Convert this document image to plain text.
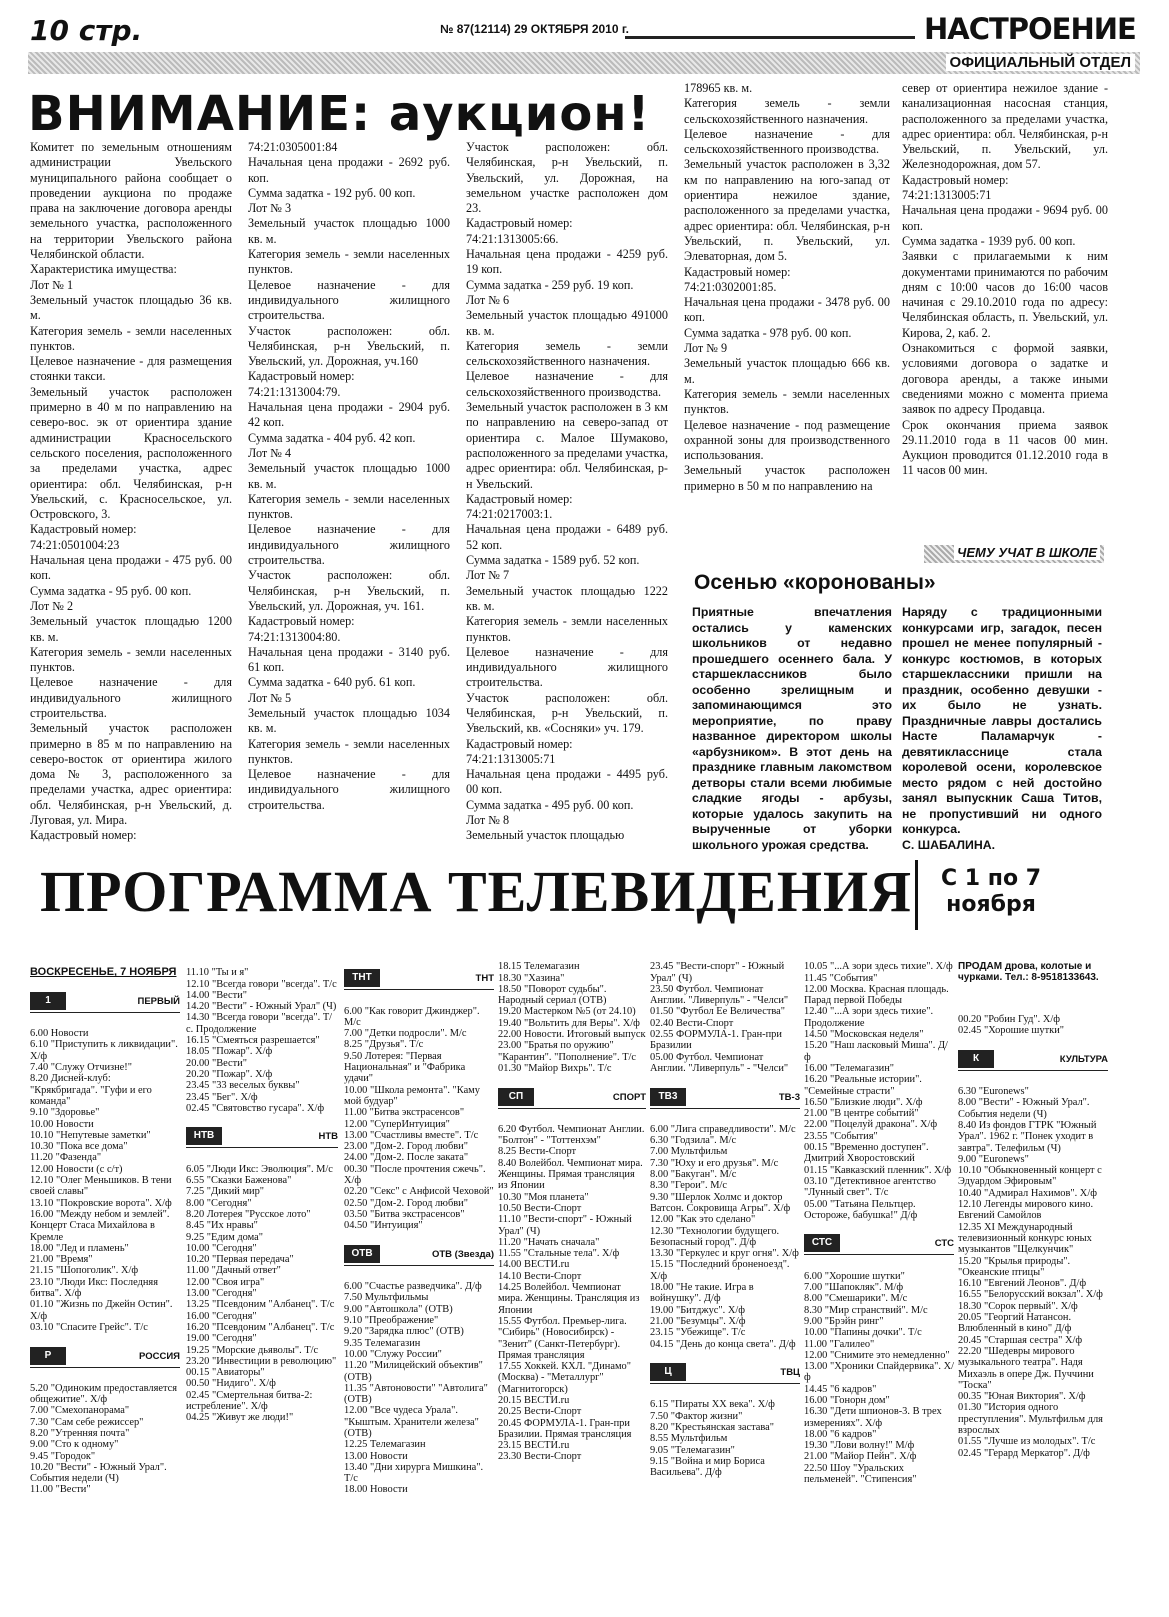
10 стр.	№ 87(12114) 29 ОКТЯБРЯ 2010 г.	НАСТРОЕНИЕ
ОФИЦИАЛЬНЫЙ ОТДЕЛ
ВНИМАНИЕ: аукцион!
Комитет по земельным отношениям администрации Увельского муниципального района сообщает о проведении аукциона по продаже права на заключение договора аренды земельного участка, расположенного на территории Увельского района Челябинской области.
Характеристика имущества:
Лот № 1
Земельный участок площадью 36 кв. м.
Категория земель - земли населенных пунктов.
Целевое назначение - для размещения стоянки такси.
Земельный участок расположен примерно в 40 м по направлению на северо-вос. эк от ориентира здание администрации Красносельского сельского поселения, расположенного за пределами участка, адрес ориентира: обл. Челябинская, р-н Увельский, с. Красносельское, ул. Островского, 3.
Кадастровый номер:
74:21:0501004:23
Начальная цена продажи - 475 руб. 00 коп.
Сумма задатка - 95 руб. 00 коп.
Лот № 2
Земельный участок площадью 1200 кв. м.
Категория земель - земли населенных пунктов.
Целевое назначение - для индивидуального жилищного строительства.
Земельный участок расположен примерно в 85 м по направлению на северо-восток от ориентира жилого дома № 3, расположенного за пределами участка, адрес ориентира: обл. Челябинская, р-н Увельский, д. Луговая, ул. Мира.
Кадастровый номер:
74:21:0305001:84
Начальная цена продажи - 2692 руб. коп.
Сумма задатка - 192 руб. 00 коп.
Лот № 3
Земельный участок площадью 1000 кв. м.
Категория земель - земли населенных пунктов.
Целевое назначение - для индивидуального жилищного строительства.
Участок расположен: обл. Челябинская, р-н Увельский, п. Увельский, ул. Дорожная, уч.160
Кадастровый номер:
74:21:1313004:79.
Начальная цена продажи - 2904 руб. 42 коп.
Сумма задатка - 404 руб. 42 коп.
Лот № 4
Земельный участок площадью 1000 кв. м.
Категория земель - земли населенных пунктов.
Целевое назначение - для индивидуального жилищного строительства.
Участок расположен: обл. Челябинская, р-н Увельский, п. Увельский, ул. Дорожная, уч. 161.
Кадастровый номер:
74:21:1313004:80.
Начальная цена продажи - 3140 руб. 61 коп.
Сумма задатка - 640 руб. 61 коп.
Лот № 5
Земельный участок площадью 1034 кв. м.
Категория земель - земли населенных пунктов.
Целевое назначение - для индивидуального жилищного строительства.
Участок расположен: обл. Челябинская, р-н Увельский, п. Увельский, ул. Дорожная, на земельном участке расположен дом 23.
Кадастровый номер:
74:21:1313005:66.
Начальная цена продажи - 4259 руб. 19 коп.
Сумма задатка - 259 руб. 19 коп.
Лот № 6
Земельный участок площадью 491000 кв. м.
Категория земель - земли сельскохозяйственного назначения.
Целевое назначение - для сельскохозяйственного производства.
Земельный участок расположен в 3 км по направлению на северо-запад от ориентира с. Малое Шумаково, расположенного за пределами участка, адрес ориентира: обл. Челябинская, р-н Увельский.
Кадастровый номер:
74:21:0217003:1.
Начальная цена продажи - 6489 руб. 52 коп.
Сумма задатка - 1589 руб. 52 коп.
Лот № 7
Земельный участок площадью 1222 кв. м.
Категория земель - земли населенных пунктов.
Целевое назначение - для индивидуального жилищного строительства.
Участок расположен: обл. Челябинская, р-н Увельский, п. Увельский, кв. «Сосняки» уч. 179.
Кадастровый номер:
74:21:1313005:71
Начальная цена продажи - 4495 руб. 00 коп.
Сумма задатка - 495 руб. 00 коп.
Лот № 8
Земельный участок площадью
178965 кв. м.
Категория земель - земли сельскохозяйственного назначения.
Целевое назначение - для сельскохозяйственного производства.
Земельный участок расположен в 3,32 км по направлению на юго-запад от ориентира нежилое здание, расположенного за пределами участка, адрес ориентира: обл. Челябинская, р-н Увельский, п. Увельский, ул. Элеваторная, дом 5.
Кадастровый номер:
74:21:0302001:85.
Начальная цена продажи - 3478 руб. 00 коп.
Сумма задатка - 978 руб. 00 коп.
Лот № 9
Земельный участок площадью 666 кв. м.
Категория земель - земли населенных пунктов.
Целевое назначение - под размещение охранной зоны для производственного использования.
Земельный участок расположен примерно в 50 м по направлению на
север от ориентира нежилое здание - канализационная насосная станция, расположенного за пределами участка, адрес ориентира: обл. Челябинская, р-н Увельский, п. Увельский, ул. Железнодорожная, дом 57.
Кадастровый номер:
74:21:1313005:71
Начальная цена продажи - 9694 руб. 00 коп.
Сумма задатка - 1939 руб. 00 коп.
Заявки с прилагаемыми к ним документами принимаются по рабочим дням с 10:00 часов до 16:00 часов начиная с 29.10.2010 года по адресу: Челябинская область, п. Увельский, ул. Кирова, 2, каб. 2.
Ознакомиться с формой заявки, условиями договора о задатке и договора аренды, а также иными сведениями можно с момента приема заявок по адресу Продавца.
Срок окончания приема заявок 29.11.2010 года в 11 часов 00 мин. Аукцион проводится 01.12.2010 года в 11 часов 00 мин.
ЧЕМУ УЧАТ В ШКОЛЕ
Осенью «коронованы»
Приятные впечатления остались у каменских школьников от недавно прошедшего осеннего бала. У старшеклассников было особенно зрелищным и запоминающимся это мероприятие, по праву названное директором школы «арбузником». В этот день на празднике главным лакомством детворы стали всеми любимые сладкие ягоды - арбузы, которые удалось закупить на вырученные от уборки школьного урожая средства.
Наряду с традиционными конкурсами игр, загадок, песен прошел не менее популярный - конкурс костюмов, в которых старшеклассники пришли на праздник, особенно девушки - их было не узнать. Праздничные лавры достались Насте Паламарчук - девятикласснице стала королевой осени, королевское место рядом с ней достойно занял выпускник Саша Титов, не пропустивший ни одного конкурса.
С. ШАБАЛИНА.
ПРОГРАММА ТЕЛЕВИДЕНИЯ С 1 по 7 ноября

ВОСКРЕСЕНЬЕ, 7 НОЯБРЯ

1	ПЕРВЫЙ

6.00 Новости
6.10 "Приступить к ликвидации". Х/ф
7.40 "Служу Отчизне!"
8.20 Дисней-клуб: "Крякбригада". "Гуфи и его команда"
9.10 "Здоровье"
10.00 Новости
10.10 "Непутевые заметки"
10.30 "Пока все дома"
11.20 "Фазенда"
12.00 Новости (с с/т)
12.10 "Олег Меньшиков. В тени своей славы"
13.10 "Покровские ворота". Х/ф
16.00 "Между небом и землей". Концерт Стаса Михайлова в Кремле
18.00 "Лед и пламень"
21.00 "Время"
21.15 "Шопоголик". Х/ф
23.10 "Люди Икс: Последняя битва". Х/ф
01.10 "Жизнь по Джейн Остин". Х/ф
03.10 "Спасите Грейс". Т/с

Р	РОССИЯ

5.20 "Одиноким предоставляется общежитие". Х/ф
7.00 "Смехопанорама"
7.30 "Сам себе режиссер"
8.20 "Утренняя почта"
9.00 "Сто к одному"
9.45 "Городок"
10.20 "Вести" - Южный Урал". События недели (Ч)
11.00 "Вести"

11.10 "Ты и я"
12.10 "Всегда говори "всегда". Т/с
14.00 "Вести"
14.20 "Вести" - Южный Урал" (Ч)
14.30 "Всегда говори "всегда". Т/с. Продолжение
16.15 "Смеяться разрешается"
18.05 "Пожар". Х/ф
20.00 "Вести"
20.20 "Пожар". Х/ф
23.45 "33 веселых буквы"
23.45 "Бег". Х/ф
02.45 "Святовство гусара". Х/ф

НТВ	НТВ

6.05 "Люди Икс: Эволюция". М/с
6.55 "Сказки Баженова"
7.25 "Дикий мир"
8.00 "Сегодня"
8.20 Лотерея "Русское лото"
8.45 "Их нравы"
9.25 "Едим дома"
10.00 "Сегодня"
10.20 "Первая передача"
11.00 "Дачный ответ"
12.00 "Своя игра"
13.00 "Сегодня"
13.25 "Псевдоним "Албанец". Т/с
16.00 "Сегодня"
16.20 "Псевдоним "Албанец". Т/с
19.00 "Сегодня"
19.25 "Морские дьяволы". Т/с
23.20 "Инвестиции в революцию"
00.15 "Авиаторы"
00.50 "Нидиго". Х/ф
02.45 "Смертельная битва-2: истребление". Х/ф
04.25 "Живут же люди!"

ТНТ	ТНТ

6.00 "Как говорит Джинджер". М/с
7.00 "Детки подросли". М/с
8.25 "Друзья". Т/с
9.50 Лотерея: "Первая Национальная" и "Фабрика удачи"
10.00 "Школа ремонта". "Каму мой будуар"
11.00 "Битва экстрасенсов"
12.00 "СуперИнтуиция"
13.00 "Счастливы вместе". Т/с
23.00 "Дом-2. Город любви"
24.00 "Дом-2. После заката"
00.30 "После прочтения сжечь". Х/ф
02.20 "Секс" с Анфисой Чеховой"
02.50 "Дом-2. Город любви"
03.50 "Битва экстрасенсов"
04.50 "Интуиция"

ОТВ	ОТВ (Звезда)

6.00 "Счастье разведчика". Д/ф
7.50 Мультфильмы
9.00 "Автошкола" (ОТВ)
9.10 "Преображение"
9.20 "Зарядка плюс" (ОТВ)
9.35 Телемагазин
10.00 "Служу России"
11.20 "Милицейский объектив" (ОТВ)
11.35 "Автоновости" "Автолига" (ОТВ)
12.00 "Все чудеса Урала". "Кыштым. Хранители железа" (ОТВ)
12.25 Телемагазин
13.00 Новости
13.40 "Дни хирурга Мишкина". Т/с
18.00 Новости

18.15 Телемагазин
18.30 "Хазина"
18.50 "Поворот судьбы". Народный сериал (ОТВ)
19.20 Мастерком №5 (от 24.10)
19.40 "Вольтить для Веры". Х/ф
22.00 Новости. Итоговый выпуск
23.00 "Братья по оружию" "Карантин". "Пополнение". Т/с
01.30 "Майор Вихрь". Т/с

СП	СПОРТ

6.20 Футбол. Чемпионат Англии. "Болтон" - "Тоттенхэм"
8.25 Вести-Спорт
8.40 Волейбол. Чемпионат мира. Женщины. Прямая трансляция из Японии
10.30 "Моя планета"
10.50 Вести-Спорт
11.10 "Вести-спорт" - Южный Урал" (Ч)
11.20 "Начать сначала"
11.55 "Стальные тела". Х/ф
14.00 ВЕСТИ.ru
14.10 Вести-Спорт
14.25 Волейбол. Чемпионат мира. Женщины. Трансляция из Японии
15.55 Футбол. Премьер-лига. "Сибирь" (Новосибирск) - "Зенит" (Санкт-Петербург). Прямая трансляция
17.55 Хоккей. КХЛ. "Динамо" (Москва) - "Металлург" (Магнитогорск)
20.15 ВЕСТИ.ru
20.25 Вести-Спорт
20.45 ФОРМУЛА-1. Гран-при Бразилии. Прямая трансляция
23.15 ВЕСТИ.ru
23.30 Вести-Спорт

23.45 "Вести-спорт" - Южный Урал" (Ч)
23.50 Футбол. Чемпионат Англии. "Ливерпуль" - "Челси"
01.50 "Футбол Ее Величества"
02.40 Вести-Спорт
02.55 ФОРМУЛА-1. Гран-при Бразилии
05.00 Футбол. Чемпионат Англии. "Ливерпуль" - "Челси"

ТВ3	ТВ-3

6.00 "Лига справедливости". М/с
6.30 "Годзила". М/с
7.00 Мультфильм
7.30 "Юху и его друзья". М/с
8.00 "Бакуган". М/с
8.30 "Герои". М/с
9.30 "Шерлок Холмс и доктор Ватсон. Сокровища Агры". Х/ф
12.00 "Как это сделано"
12.30 "Технологии будущего. Безопасный город". Д/ф
13.30 "Геркулес и круг огня". Х/ф
15.15 "Последний броненоезд". Х/ф
18.00 "Не такие. Игра в войнушку". Д/ф
19.00 "Битджус". Х/ф
21.00 "Безумцы". Х/ф
23.15 "Убежище". Т/с
04.15 "День до конца света". Д/ф

Ц	ТВЦ

6.15 "Пираты XX века". Х/ф
7.50 "Фактор жизни"
8.20 "Крестьянская застава"
8.55 Мультфильм
9.05 "Телемагазин"
9.15 "Война и мир Бориса Васильева". Д/ф

10.05 "...А зори здесь тихие". Х/ф
11.45 "События"
12.00 Москва. Красная площадь. Парад первой Победы
12.40 "...А зори здесь тихие". Продолжение
14.50 "Московская неделя"
15.20 "Наш ласковый Миша". Д/ф
16.00 "Телемагазин"
16.20 "Реальные истории". "Семейные страсти"
16.50 "Близкие люди". Х/ф
21.00 "В центре событий"
22.00 "Поцелуй дракона". Х/ф
23.55 "События"
00.15 "Временно доступен". Дмитрий Хворостовский
01.15 "Кавказский пленник". Х/ф
03.10 "Детективное агентство "Лунный свет". Т/с
05.00 "Татьяна Пельтцер. Остороже, бабушка!" Д/ф

СТС	СТС

6.00 "Хорошие шутки"
7.00 "Шапокляк". М/ф
8.00 "Смешарики". М/с
8.30 "Мир странствий". М/с
9.00 "Брэйн ринг"
10.00 "Папины дочки". Т/с
11.00 "Галилео"
12.00 "Снимите это немедленно"
13.00 "Хроники Спайдервика". Х/ф
14.45 "6 кадров"
16.00 "Гонорн дом"
16.30 "Дети шпионов-3. В трех измерениях". Х/ф
18.00 "6 кадров"
19.30 "Лови волну!" М/ф
21.00 "Майор Пейн". Х/ф
22.50 Шоу "Уральских пельменей". "Стипенсия"

ПРОДАМ дрова, колотые и чурками. Тел.: 8-9518133643.

00.20 "Робин Гуд". Х/ф
02.45 "Хорошие шутки"

К	КУЛЬТУРА

6.30 "Euronews"
8.00 "Вести" - Южный Урал". События недели (Ч)
8.40 Из фондов ГТРК "Южный Урал". 1962 г. "Понек уходит в завтра". Телефильм (Ч)
9.00 "Euronews"
10.10 "Обыкновенный концерт с Эдуардом Эфировым"
10.40 "Адмирал Нахимов". Х/ф
12.10 Легенды мирового кино. Евгений Самойлов
12.35 XI Международный телевизионный конкурс юных музыкантов "Щелкунчик"
15.20 "Крылья природы". "Океанские птицы"
16.10 "Евгений Леонов". Д/ф
16.55 "Белорусский вокзал". Х/ф
18.30 "Сорок первый". Х/ф
20.05 "Георгий Натансон. Влюбленный в кино" Д/ф
20.45 "Старшая сестра" Х/ф
22.20 "Шедевры мирового музыкального театра". Надя Михаэль в опере Дж. Пуччини "Тоска"
00.35 "Юная Виктория". Х/ф
01.30 "История одного преступления". Мультфильм для взрослых
01.55 "Лучше из молодых". Т/с
02.45 "Герард Меркатор". Д/ф
